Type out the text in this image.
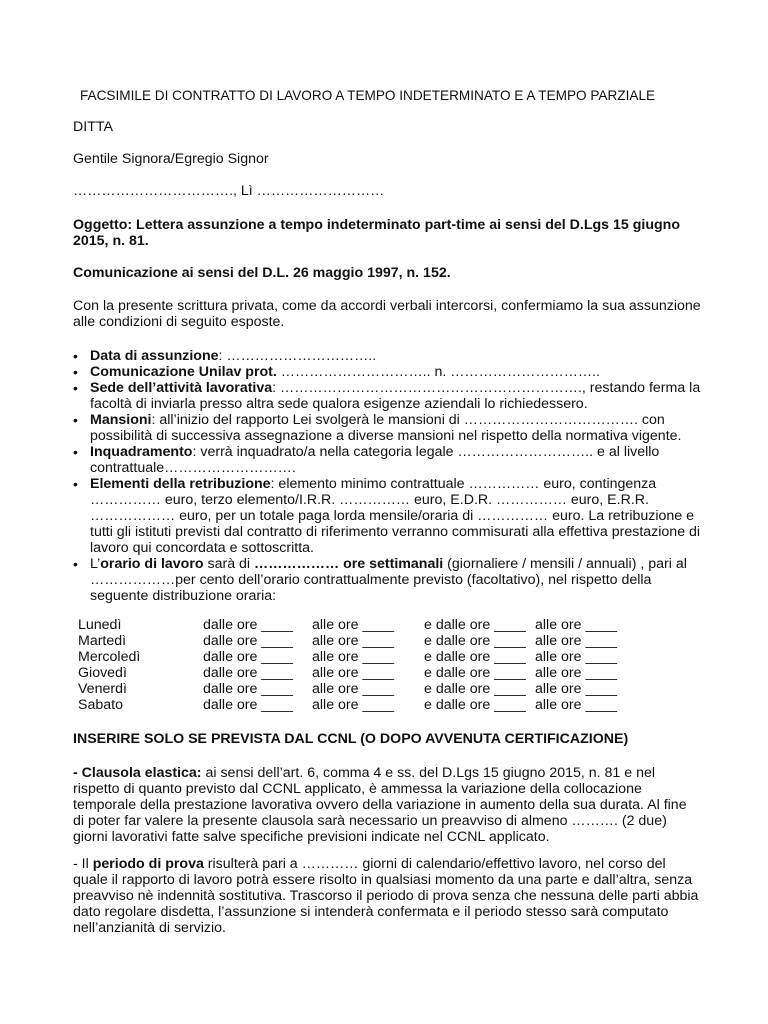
FACSIMILE DI CONTRATTO DI LAVORO A TEMPO INDETERMINATO E A TEMPO PARZIALE

DITTA

Gentile Signora/Egregio Signor

……………………………., Lì ………………………

Oggetto: Lettera assunzione a tempo indeterminato part-time ai sensi del D.Lgs 15 giugno 2015, n. 81.

Comunicazione ai sensi del D.L. 26 maggio 1997, n. 152.

Con la presente scrittura privata, come da accordi verbali intercorsi, confermiamo la sua assunzione alle condizioni di seguito esposte.

• Data di assunzione: …………………………..
• Comunicazione Unilav prot. ………………………….. n. …………………………..
• Sede dell’attività lavorativa: ………………………………………………………., restando ferma la facoltà di inviarla presso altra sede qualora esigenze aziendali lo richiedessero.
• Mansioni: all’inizio del rapporto Lei svolgerà le mansioni di ………………………………. con possibilità di successiva assegnazione a diverse mansioni nel rispetto della normativa vigente.
• Inquadramento: verrà inquadrato/a nella categoria legale ……………………….. e al livello contrattuale……………………….
• Elementi della retribuzione: elemento minimo contrattuale …………… euro, contingenza …………… euro, terzo elemento/I.R.R. …………… euro, E.D.R. …………… euro, E.R.R. ……………… euro, per un totale paga lorda mensile/oraria di …………… euro. La retribuzione e tutti gli istituti previsti dal contratto di riferimento verranno commisurati alla effettiva prestazione di lavoro qui concordata e sottoscritta.
• L’orario di lavoro sarà di ……………… ore settimanali (giornaliere / mensili / annuali) , pari al ………………per cento dell’orario contrattualmente previsto (facoltativo), nel rispetto della seguente distribuzione oraria:
Lunedì	dalle ore ____ alle ore ____ e dalle ore ____ alle ore ____
Martedì	dalle ore ____ alle ore ____ e dalle ore ____ alle ore ____
Mercoledì	dalle ore ____ alle ore ____ e dalle ore ____ alle ore ____
Giovedì	dalle ore ____ alle ore ____ e dalle ore ____ alle ore ____
Venerdì	dalle ore ____ alle ore ____ e dalle ore ____ alle ore ____
Sabato	dalle ore ____ alle ore ____ e dalle ore ____ alle ore ____

INSERIRE SOLO SE PREVISTA DAL CCNL (O DOPO AVVENUTA CERTIFICAZIONE)

- Clausola elastica: ai sensi dell’art. 6, comma 4 e ss. del D.Lgs 15 giugno 2015, n. 81 e nel rispetto di quanto previsto dal CCNL applicato, è ammessa la variazione della collocazione temporale della prestazione lavorativa ovvero della variazione in aumento della sua durata. Al fine di poter far valere la presente clausola sarà necessario un preavviso di almeno ………. (2 due) giorni lavorativi fatte salve specifiche previsioni indicate nel CCNL applicato.

- Il periodo di prova risulterà pari a ………… giorni di calendario/effettivo lavoro, nel corso del quale il rapporto di lavoro potrà essere risolto in qualsiasi momento da una parte e dall’altra, senza preavviso nè indennità sostitutiva. Trascorso il periodo di prova senza che nessuna delle parti abbia dato regolare disdetta, l’assunzione si intenderà confermata e il periodo stesso sarà computato nell’anzianità di servizio.
